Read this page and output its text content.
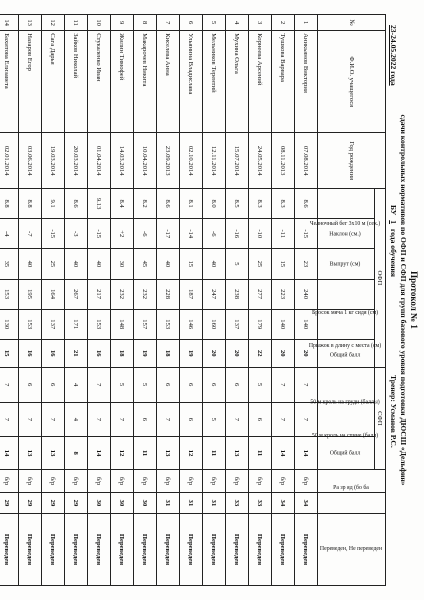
Протокол № 1
сдачи контрольных нормативов по ОФП и СФП для групп базового уровня подготовки ДЮСШ «Дельфин»
23-24.05.2022 года
БУ 1 года обучения
Тренер: Усманов Р.С.
№	Ф.И.О. учащегося	Год рождения	ОФП						СФП			Ра зр яд (бо ба		Переведен, Не переведен
			Челночный бег 3х10 м (сек.)	Наклон (см.)	Выпрут (см)	Бросок мяча 1 кг сидя (см)	Прыжок в длину с места (см)	Общий балл	50 м кроль на груди (баллы)	50 м кроль на спине (балл)	Общий балл			
1	Аникьянов Виктория	07.08.2014	8.6	-15	23	240	140	20	7	7	14	б/р	34	Переведен
2	Тушкова Варвара	08.11.2013	8.3	-11	15	223	140	20	7	7	14	б/р	34	Переведен
3	Корнеева Арсений	24.05.2014	8.3	-10	25	277	179	22	5	6	11	б/р	33	Переведен
4	Мухина Ольга	15.07.2014	8.5	-16	5	238	137	20	6	7	13	б/р	33	Переведен
5	Мельников Терентий	12.11.2014	8.0	-6	40	247	160	20	6	5	11	б/р	31	Переведен
6	Ульянина Владислава	02.10.2014	8.1	-14	15	187	146	19	6	6	12	б/р	31	Переведен
7	Киселева Анна	23.09.2013	8.6	-17	40	228	153	18	6	7	13	б/р	31	Переведен
8	Макарочев Никита	10.04.2014	8.2	-6	45	232	157	19	5	6	11	б/р	30	Переведен
9	Жилин Тимофей	14.03.2014	8.4	+2	30	232	148	18	5	7	12	б/р	30	Переведен
10	Стукаленко Иван	01.04.2014	9.13	-15	40	217	153	16	7	7	14	б/р	30	Переведен
11	Зайков Николай	20.03.2014	8.6	-3	40	267	171	21	4	4	8	б/р	29	Переведен
12	Сага Дарья	19.03.2014	9.1	-15	25	164	137	16	6	7	13	б/р	29	Переведен
13	Назаров Егор	03.06.2014	8.8	-7	40	195	153	16	6	7	13	б/р	29	Переведен
14	Бахитова Елизавета	02.01.2014	8.8	-4	35	153	130	15	7	7	14	б/р	29	Переведен
